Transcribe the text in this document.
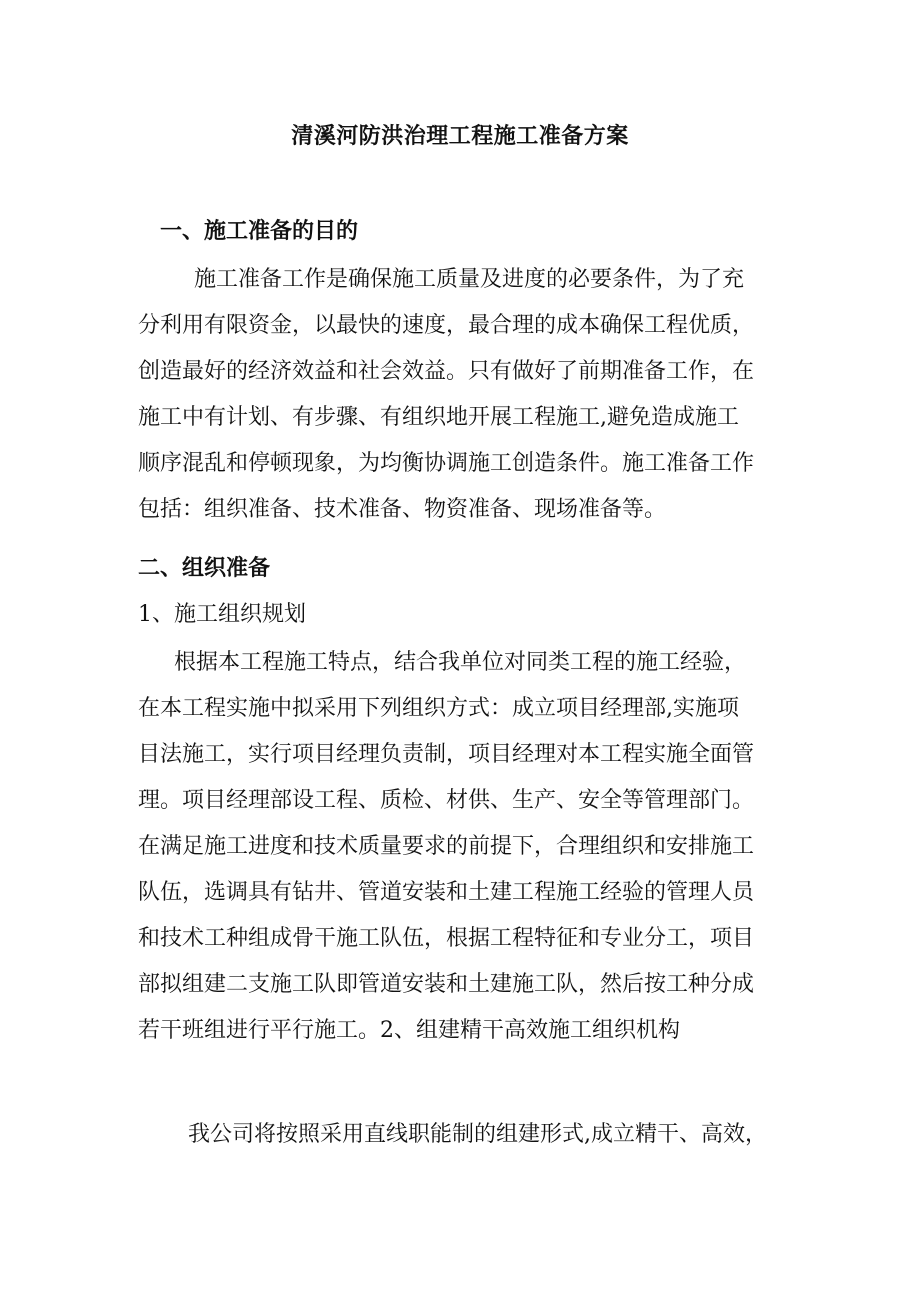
清溪河防洪治理工程施工准备方案
一、施工准备的目的
施工准备工作是确保施工质量及进度的必要条件，为了充
分利用有限资金，以最快的速度，最合理的成本确保工程优质，
创造最好的经济效益和社会效益。只有做好了前期准备工作，在
施工中有计划、有步骤、有组织地开展工程施工,避免造成施工
顺序混乱和停顿现象，为均衡协调施工创造条件。施工准备工作
包括：组织准备、技术准备、物资准备、现场准备等。
二、组织准备
1、施工组织规划
根据本工程施工特点，结合我单位对同类工程的施工经验，
在本工程实施中拟采用下列组织方式：成立项目经理部,实施项
目法施工，实行项目经理负责制，项目经理对本工程实施全面管
理。项目经理部设工程、质检、材供、生产、安全等管理部门。
在满足施工进度和技术质量要求的前提下，合理组织和安排施工
队伍，选调具有钻井、管道安装和土建工程施工经验的管理人员
和技术工种组成骨干施工队伍，根据工程特征和专业分工，项目
部拟组建二支施工队即管道安装和土建施工队，然后按工种分成
若干班组进行平行施工。2、组建精干高效施工组织机构
我公司将按照采用直线职能制的组建形式,成立精干、高效，
